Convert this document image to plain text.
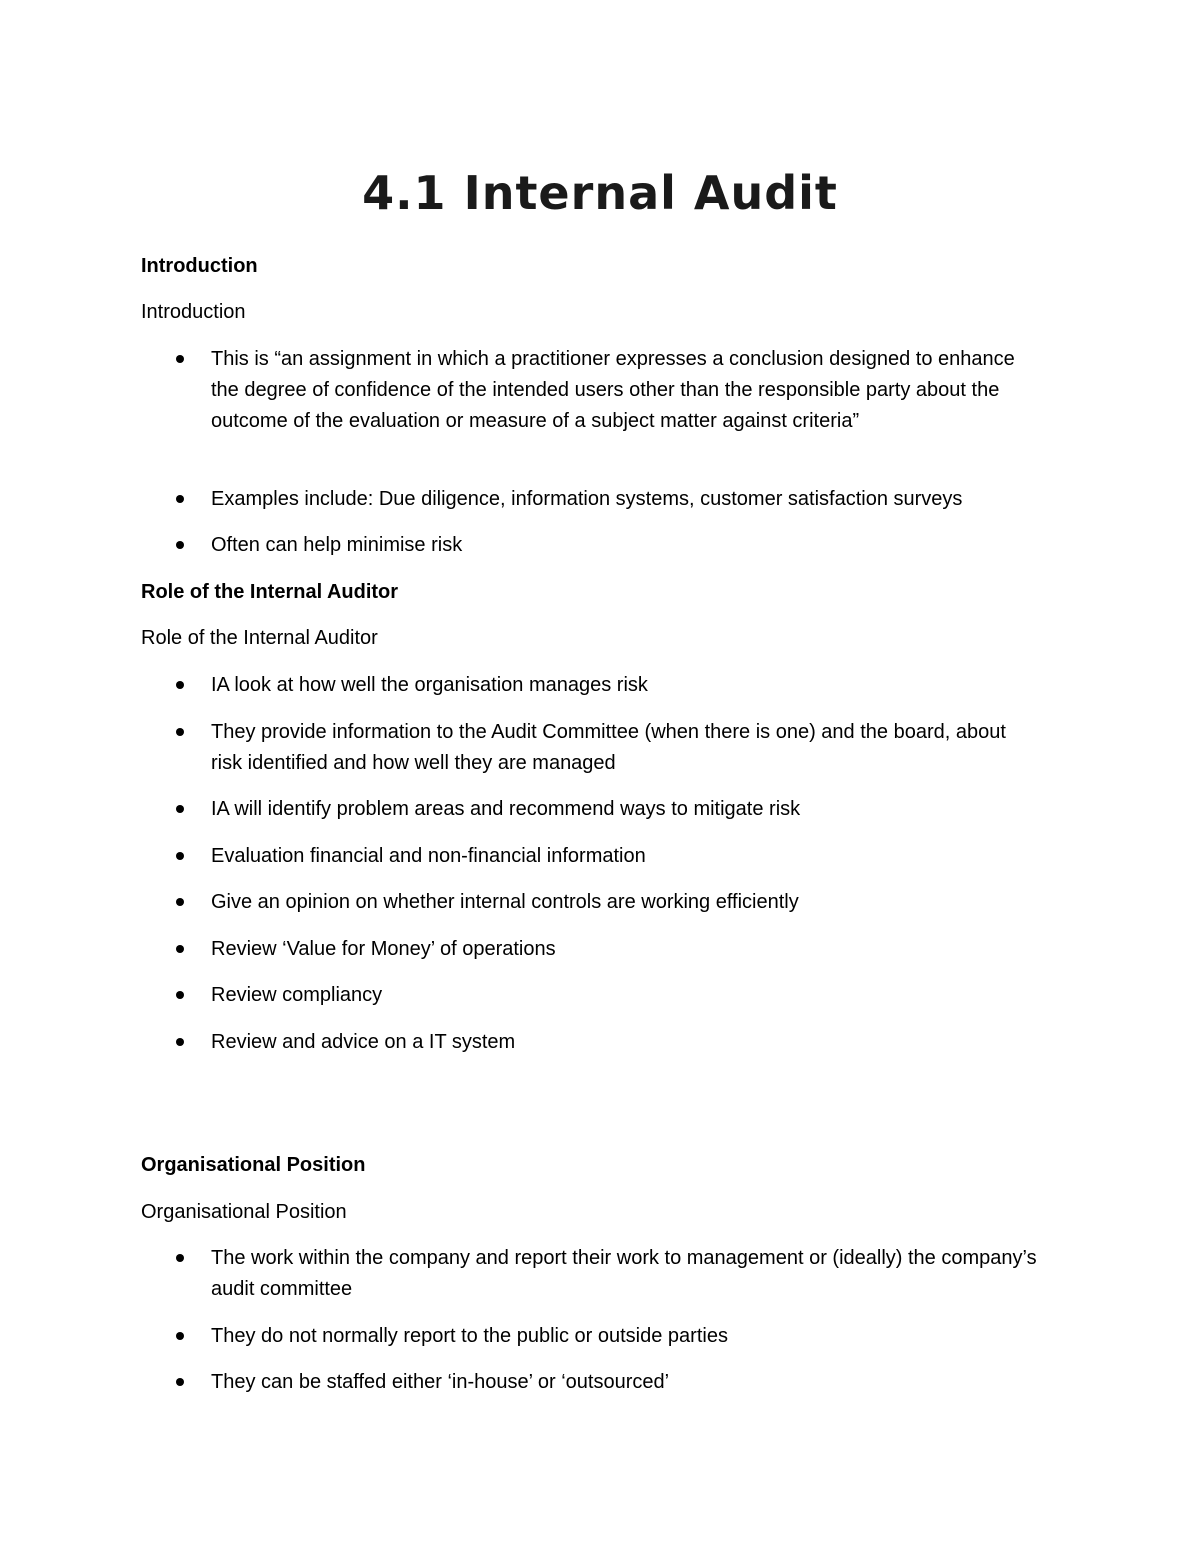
4.1 Internal Audit
Introduction
Introduction
This is “an assignment in which a practitioner expresses a conclusion designed to enhance the degree of confidence of the intended users other than the responsible party about the outcome of the evaluation or measure of a subject matter against criteria”
Examples include: Due diligence, information systems, customer satisfaction surveys
Often can help minimise risk
Role of the Internal Auditor
Role of the Internal Auditor
IA look at how well the organisation manages risk
They provide information to the Audit Committee (when there is one) and the board, about risk identified and how well they are managed
IA will identify problem areas and recommend ways to mitigate risk
Evaluation financial and non-financial information
Give an opinion on whether internal controls are working efficiently
Review ‘Value for Money’ of operations
Review compliancy
Review and advice on a IT system
Organisational Position
Organisational Position
The work within the company and report their work to management or (ideally) the company’s audit committee
They do not normally report to the public or outside parties
They can be staffed either ‘in-house’ or ‘outsourced’
